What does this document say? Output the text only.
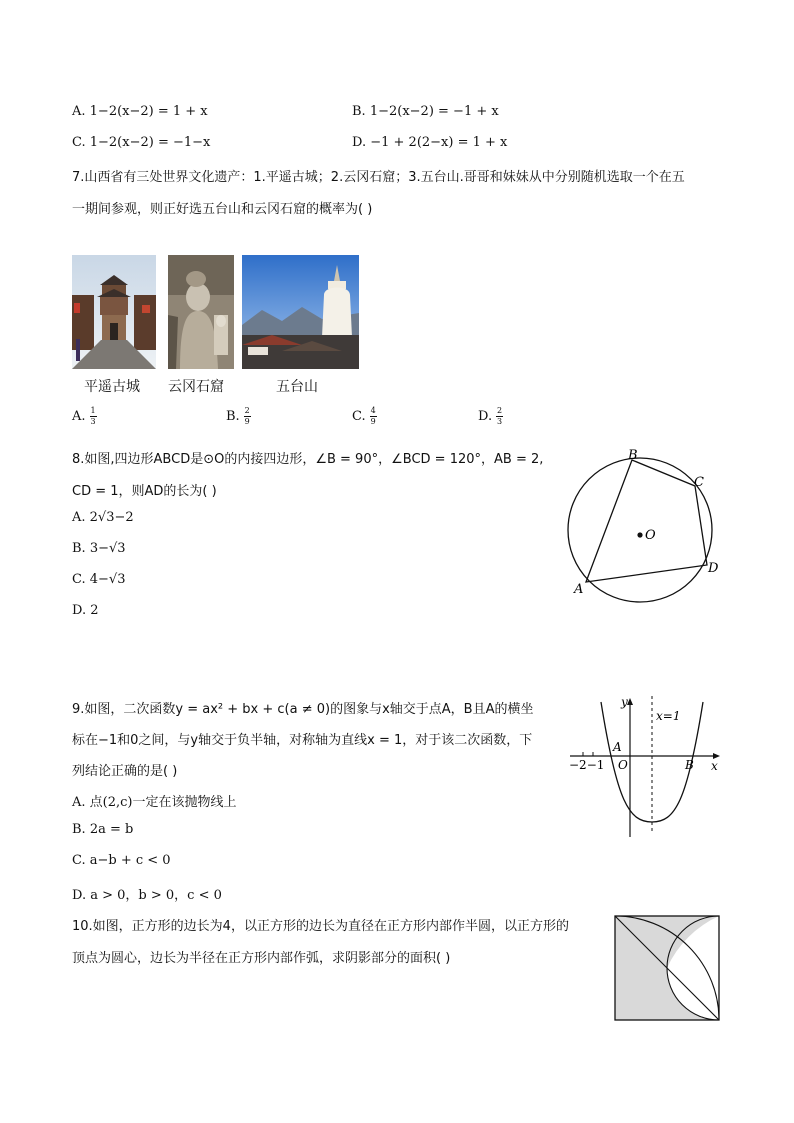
A. 1−2(x−2) = 1 + x	B. 1−2(x−2) = −1 + x
C. 1−2(x−2) = −1−x	D. −1 + 2(2−x) = 1 + x
7.山西省有三处世界文化遗产：1.平遥古城；2.云冈石窟；3.五台山.哥哥和妹妹从中分别随机选取一个在五
一期间参观，则正好选五台山和云冈石窟的概率为( )
平遥古城 云冈石窟	五台山
A. $\frac{1}{3}$	B. $\frac{2}{9}$	C. $\frac{4}{9}$	D. $\frac{2}{3}$
8.如图,四边形ABCD是⊙O的内接四边形，∠B = 90°，∠BCD = 120°，AB = 2,
CD = 1，则AD的长为( )
A. 2√3−2
B. 3−√3
C. 4−√3
D. 2
B
C
D
A
O
9.如图，二次函数y = ax² + bx + c(a ≠ 0)的图象与x轴交于点A，B且A的横坐
标在−1和0之间，与y轴交于负半轴，对称轴为直线x = 1，对于该二次函数，下
列结论正确的是( )
A. 点(2,c)一定在该抛物线上
B. 2a = b
C. a−b + c < 0
D. a > 0，b > 0，c < 0
y
x
x=1
A
B
O
−2−1
10.如图，正方形的边长为4，以正方形的边长为直径在正方形内部作半圆，以正方形的
顶点为圆心，边长为半径在正方形内部作弧，求阴影部分的面积( )
